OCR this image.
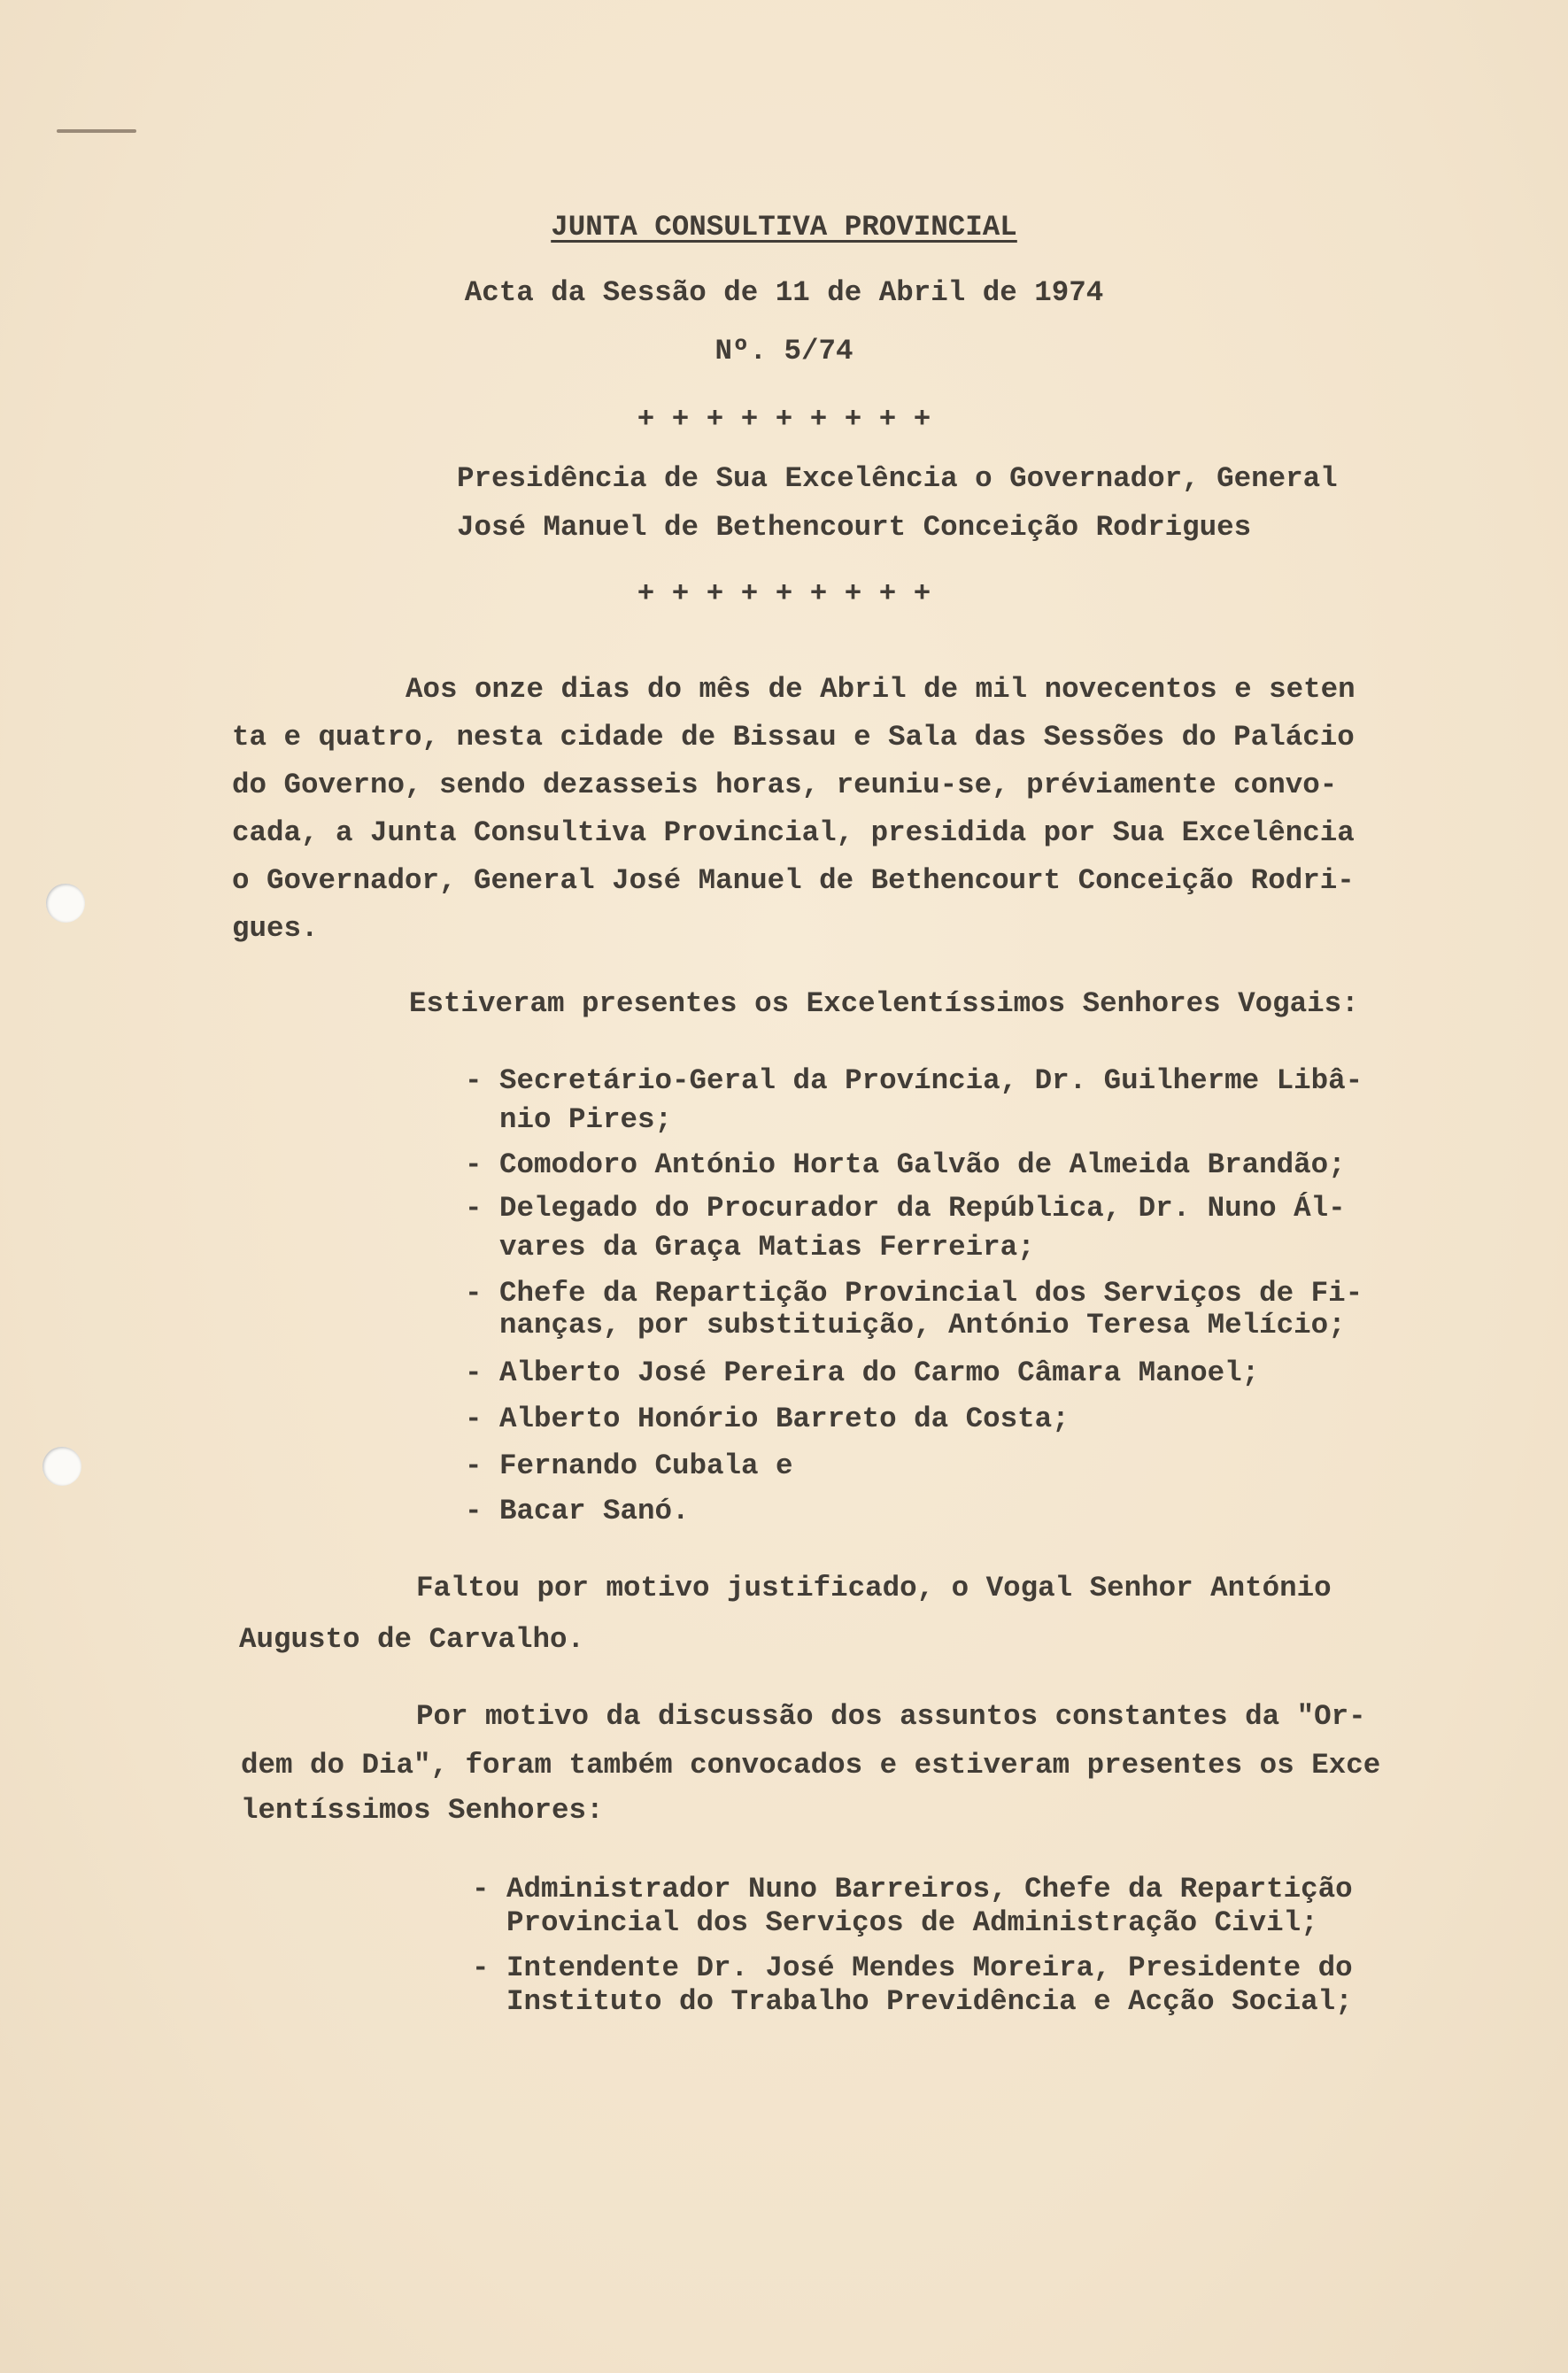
JUNTA CONSULTIVA PROVINCIAL
Acta da Sessão de 11 de Abril de 1974
Nº. 5/74
+ + + + + + + + +
Presidência de Sua Excelência o Governador, General
José Manuel de Bethencourt Conceição Rodrigues
+ + + + + + + + +
Aos onze dias do mês de Abril de mil novecentos e seten
ta e quatro, nesta cidade de Bissau e Sala das Sessões do Palácio
do Governo, sendo dezasseis horas, reuniu-se, préviamente convo-
cada, a Junta Consultiva Provincial, presidida por Sua Excelência
o Governador, General José Manuel de Bethencourt Conceição Rodri-
gues.
Estiveram presentes os Excelentíssimos Senhores Vogais:
- Secretário-Geral da Província, Dr. Guilherme Libâ-
nio Pires;
- Comodoro António Horta Galvão de Almeida Brandão;
- Delegado do Procurador da República, Dr. Nuno Ál-
vares da Graça Matias Ferreira;
- Chefe da Repartição Provincial dos Serviços de Fi-
nanças, por substituição, António Teresa Melício;
- Alberto José Pereira do Carmo Câmara Manoel;
- Alberto Honório Barreto da Costa;
- Fernando Cubala e
- Bacar Sanó.
Faltou por motivo justificado, o Vogal Senhor António
Augusto de Carvalho.
Por motivo da discussão dos assuntos constantes da "Or-
dem do Dia", foram também convocados e estiveram presentes os Exce
lentíssimos Senhores:
- Administrador Nuno Barreiros, Chefe da Repartição
Provincial dos Serviços de Administração Civil;
- Intendente Dr. José Mendes Moreira, Presidente do
Instituto do Trabalho Previdência e Acção Social;
